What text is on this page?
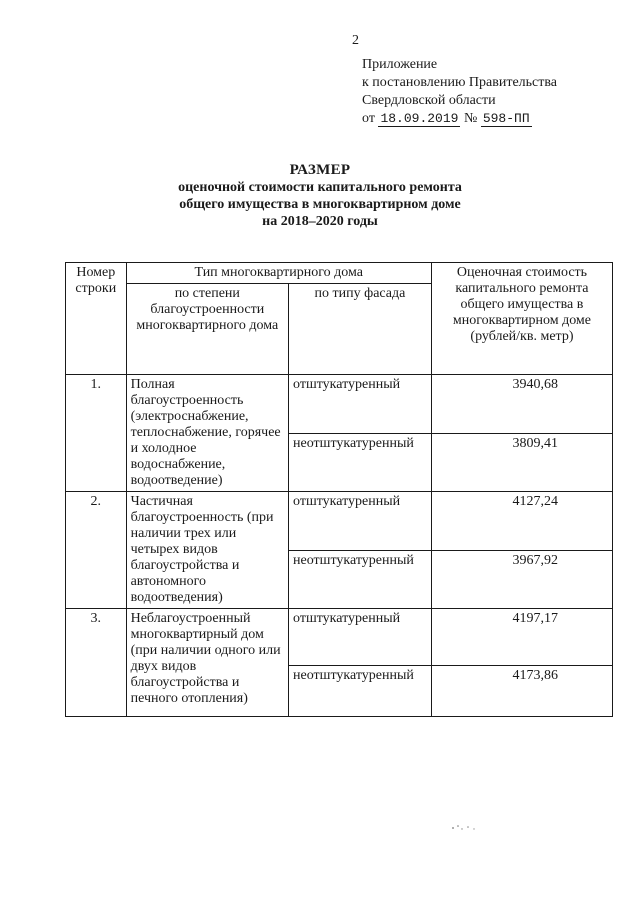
2
Приложение
к постановлению Правительства
Свердловской области
от 18.09.2019 № 598-ПП
РАЗМЕР
оценочной стоимости капитального ремонта
общего имущества в многоквартирном доме
на 2018–2020 годы
Номер строки	Тип многоквартирного дома		Оценочная стоимость капитального ремонта общего имущества в многоквартирном доме (рублей/кв. метр)
	по степени благоустроенности многоквартирного дома	по типу фасада	
1.	Полная благоустроенность (электроснабжение, теплоснабжение, горячее и холодное водоснабжение, водоотведение)	отштукатуренный	3940,68
		неотштукатуренный	3809,41
2.	Частичная благоустроенность (при наличии трех или четырех видов благоустройства и автономного водоотведения)	отштукатуренный	4127,24
		неотштукатуренный	3967,92
3.	Неблагоустроенный многоквартирный дом (при наличии одного или двух видов благоустройства и печного отопления)	отштукатуренный	4197,17
		неотштукатуренный	4173,86
